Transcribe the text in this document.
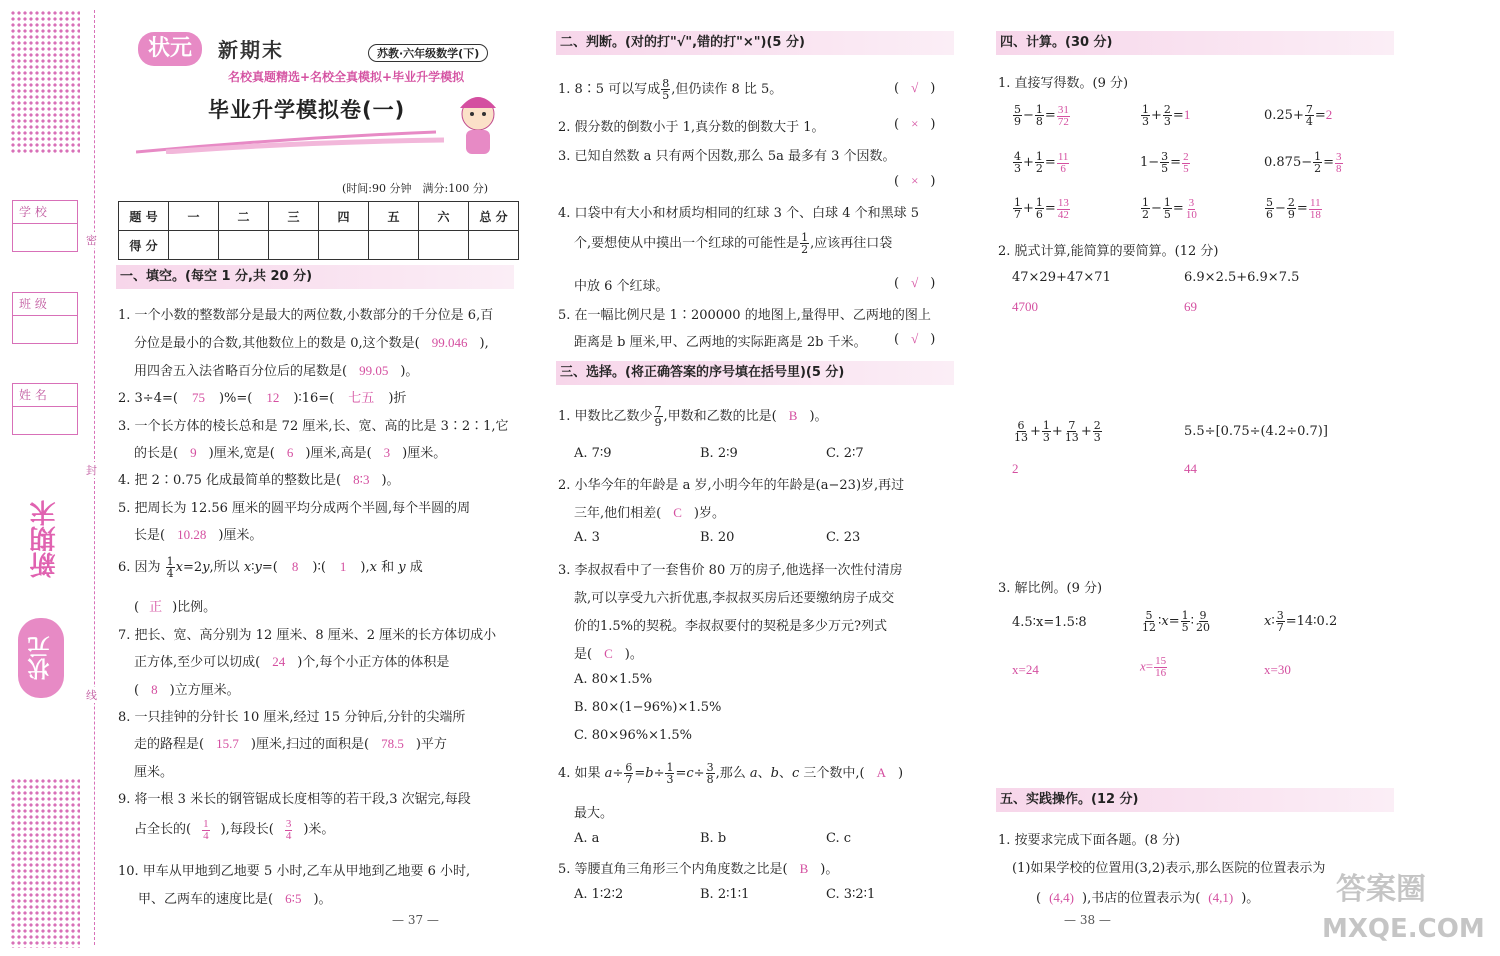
密
封
线
学 校
班 级
姓 名
新期末
状元
状元	新期末	苏教·六年级数学(下)
名校真题精选+名校全真模拟+毕业升学模拟
毕业升学模拟卷(一)
(时间:90 分钟　满分:100 分)
题 号	一	二	三	四	五	六	总 分
得 分							
一、填空。(每空 1 分,共 20 分)
1. 一个小数的整数部分是最大的两位数,小数部分的千分位是 6,百
分位是最小的合数,其他数位上的数是 0,这个数是( 99.046 ),
用四舍五入法省略百分位后的尾数是( 99.05 )。
2. 3÷4=( 75 )%=( 12 )∶16=( 七五 )折
3. 一个长方体的棱长总和是 72 厘米,长、宽、高的比是 3∶2∶1,它
的长是( 9 )厘米,宽是( 6 )厘米,高是( 3 )厘米。
4. 把 2∶0.75 化成最简单的整数比是( 8∶3 )。
5. 把周长为 12.56 厘米的圆平均分成两个半圆,每个半圆的周
长是( 10.28 )厘米。
6. 因为 $\frac{1}{4} x=2y$,所以 x∶y=( 8 )∶( 1 ),x 和 y 成
( 正 )比例。
7. 把长、宽、高分别为 12 厘米、8 厘米、2 厘米的长方体切成小
正方体,至少可以切成( 24 )个,每个小正方体的体积是
( 8 )立方厘米。
8. 一只挂钟的分针长 10 厘米,经过 15 分钟后,分针的尖端所
走的路程是( 15.7 )厘米,扫过的面积是( 78.5 )平方
厘米。
9. 将一根 3 米长的钢管锯成长度相等的若干段,3 次锯完,每段
占全长的( $\frac{1}{4}$ ),每段长( $\frac{3}{4}$ )米。
10. 甲车从甲地到乙地要 5 小时,乙车从甲地到乙地要 6 小时,
甲、乙两车的速度比是( 6∶5 )。
— 37 —
二、判断。(对的打"√",错的打"×")(5 分)
1. 8∶5 可以写成 $\frac{8}{5}$ ,但仍读作 8 比 5。	( √ )
2. 假分数的倒数小于 1,真分数的倒数大于 1。	( × )
3. 已知自然数 a 只有两个因数,那么 5a 最多有 3 个因数。
( × )
4. 口袋中有大小和材质均相同的红球 3 个、白球 4 个和黑球 5
个,要想使从中摸出一个红球的可能性是 $\frac{1}{2}$ ,应该再往口袋
中放 6 个红球。	( √ )
5. 在一幅比例尺是 1∶200000 的地图上,量得甲、乙两地的图上
距离是 b 厘米,甲、乙两地的实际距离是 2b 千米。 ( √ )
三、选择。(将正确答案的序号填在括号里)(5 分)
1. 甲数比乙数少 $\frac{7}{9}$ ,甲数和乙数的比是( B )。
A. 7∶9	B. 2∶9	C. 2∶7
2. 小华今年的年龄是 a 岁,小明今年的年龄是(a−23)岁,再过
三年,他们相差( C )岁。
A. 3	B. 20	C. 23
3. 李叔叔看中了一套售价 80 万的房子,他选择一次性付清房
款,可以享受九六折优惠,李叔叔买房后还要缴纳房子成交
价的1.5%的契税。李叔叔要付的契税是多少万元?列式
是( C )。
A. 80×1.5%
B. 80×(1−96%)×1.5%
C. 80×96%×1.5%
4. 如果 $a\div \frac{6}{7} =b\div \frac{1}{3} =c\div \frac{3}{8}$ ,那么 a、b、c 三个数中,( A )
最大。
A. a	B. b	C. c
5. 等腰直角三角形三个内角度数之比是( B )。
A. 1∶2∶2	B. 2∶1∶1	C. 3∶2∶1
四、计算。(30 分)
1. 直接写得数。(9 分)
$\frac{5}{9} - \frac{1}{8} = \frac{31}{72}$	$\frac{1}{3} + \frac{2}{3} =1$	$0.25+ \frac{7}{4} =2$
$\frac{4}{3} + \frac{1}{2} = \frac{11}{6}$	$1- \frac{3}{5} = \frac{2}{5}$	$0.875- \frac{1}{2} = \frac{3}{8}$
$\frac{1}{7} + \frac{1}{6} = \frac{13}{42}$	$\frac{1}{2} - \frac{1}{5} = \frac{3}{10}$	$\frac{5}{6} - \frac{2}{9} = \frac{11}{18}$
2. 脱式计算,能简算的要简算。(12 分)
47×29+47×71
4700
6.9×2.5+6.9×7.5
69
$\frac{6}{13} + \frac{1}{3} + \frac{7}{13} + \frac{2}{3}$
2
5.5÷[0.75÷(4.2÷0.7)]
44
3. 解比例。(9 分)
4.5∶x=1.5∶8	$\frac{5}{12}$ ∶x= $\frac{1}{5}$ ∶ $\frac{9}{20}$	x∶ $\frac{3}{7}$ =14∶0.2
x=24	$x= \frac{15}{16}$	x=30
五、实践操作。(12 分)
1. 按要求完成下面各题。(8 分)
(1)如果学校的位置用(3,2)表示,那么医院的位置表示为
( (4,4) ),书店的位置表示为( (4,1) )。
— 38 —
答案圈
MXQE.COM
